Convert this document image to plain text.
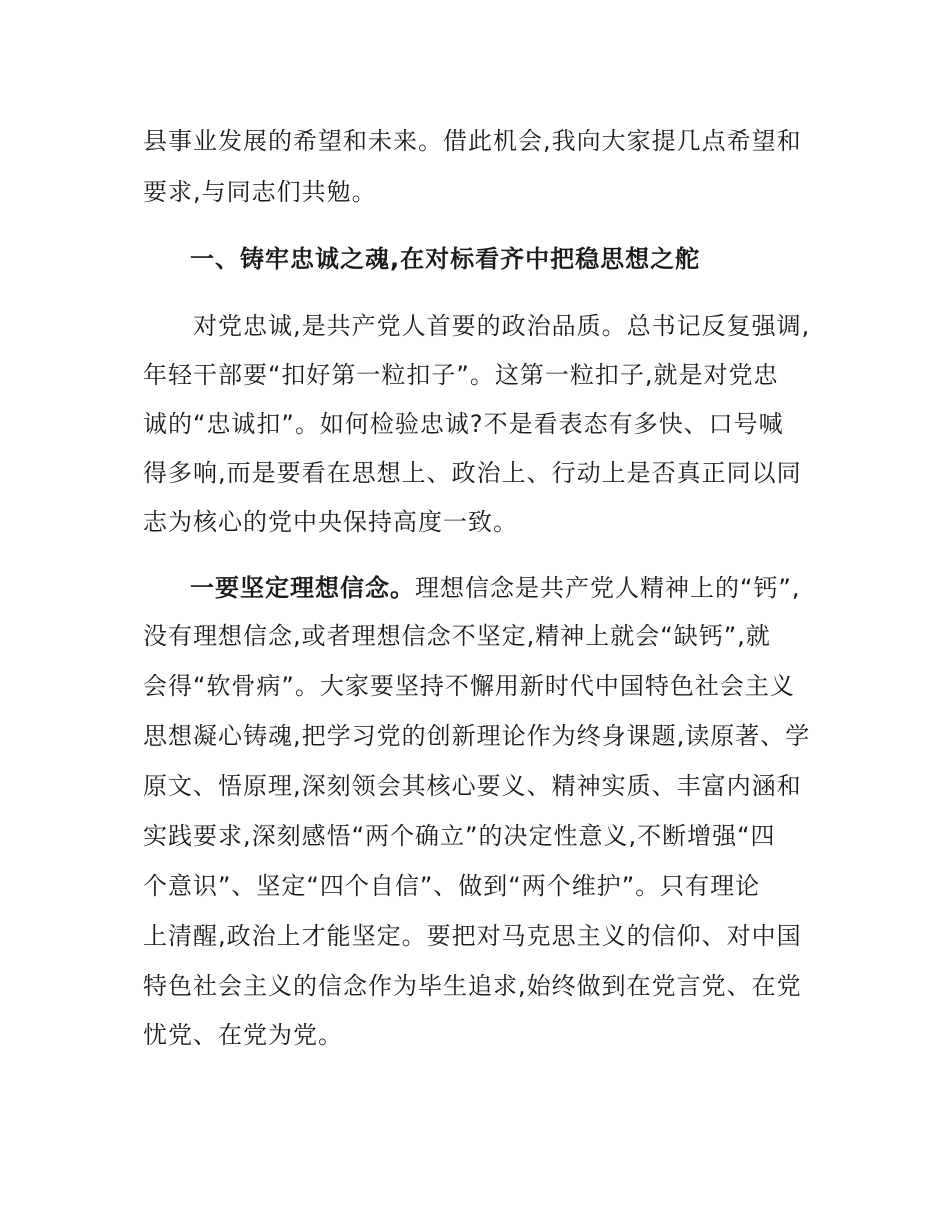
县事业发展的希望和未来。借此机会,我向大家提几点希望和
要求,与同志们共勉。
一、铸牢忠诚之魂,在对标看齐中把稳思想之舵
对党忠诚,是共产党人首要的政治品质。总书记反复强调,
年轻干部要“扣好第一粒扣子”。这第一粒扣子,就是对党忠
诚的“忠诚扣”。如何检验忠诚?不是看表态有多快、口号喊
得多响,而是要看在思想上、政治上、行动上是否真正同以同
志为核心的党中央保持高度一致。
一要坚定理想信念。理想信念是共产党人精神上的“钙”,
没有理想信念,或者理想信念不坚定,精神上就会“缺钙”,就
会得“软骨病”。大家要坚持不懈用新时代中国特色社会主义
思想凝心铸魂,把学习党的创新理论作为终身课题,读原著、学
原文、悟原理,深刻领会其核心要义、精神实质、丰富内涵和
实践要求,深刻感悟“两个确立”的决定性意义,不断增强“四
个意识”、坚定“四个自信”、做到“两个维护”。只有理论
上清醒,政治上才能坚定。要把对马克思主义的信仰、对中国
特色社会主义的信念作为毕生追求,始终做到在党言党、在党
忧党、在党为党。
